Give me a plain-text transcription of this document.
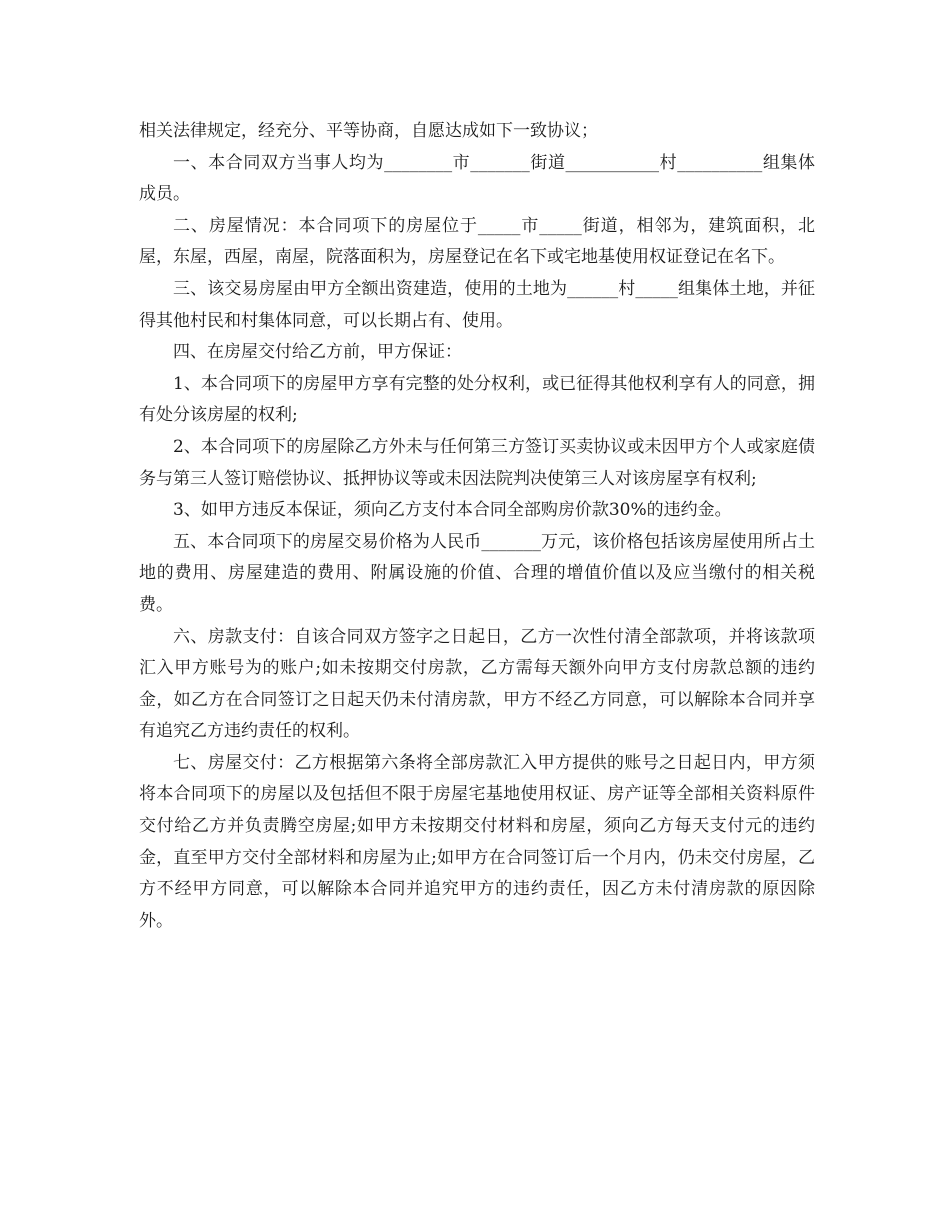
相关法律规定，经充分、平等协商，自愿达成如下一致协议；

一、本合同双方当事人均为________市_______街道___________村__________组集体成员。

二、房屋情况：本合同项下的房屋位于_____市_____街道，相邻为，建筑面积，北屋，东屋，西屋，南屋，院落面积为，房屋登记在名下或宅地基使用权证登记在名下。

三、该交易房屋由甲方全额出资建造，使用的土地为______村_____组集体土地，并征得其他村民和村集体同意，可以长期占有、使用。

四、在房屋交付给乙方前，甲方保证：

1、本合同项下的房屋甲方享有完整的处分权利，或已征得其他权利享有人的同意，拥有处分该房屋的权利;

2、本合同项下的房屋除乙方外未与任何第三方签订买卖协议或未因甲方个人或家庭债务与第三人签订赔偿协议、抵押协议等或未因法院判决使第三人对该房屋享有权利;

3、如甲方违反本保证，须向乙方支付本合同全部购房价款30%的违约金。

五、本合同项下的房屋交易价格为人民币_______万元，该价格包括该房屋使用所占土地的费用、房屋建造的费用、附属设施的价值、合理的增值价值以及应当缴付的相关税费。

六、房款支付：自该合同双方签字之日起日，乙方一次性付清全部款项，并将该款项汇入甲方账号为的账户;如未按期交付房款，乙方需每天额外向甲方支付房款总额的违约金，如乙方在合同签订之日起天仍未付清房款，甲方不经乙方同意，可以解除本合同并享有追究乙方违约责任的权利。

七、房屋交付：乙方根据第六条将全部房款汇入甲方提供的账号之日起日内，甲方须将本合同项下的房屋以及包括但不限于房屋宅基地使用权证、房产证等全部相关资料原件交付给乙方并负责腾空房屋;如甲方未按期交付材料和房屋，须向乙方每天支付元的违约金，直至甲方交付全部材料和房屋为止;如甲方在合同签订后一个月内，仍未交付房屋，乙方不经甲方同意，可以解除本合同并追究甲方的违约责任，因乙方未付清房款的原因除外。
